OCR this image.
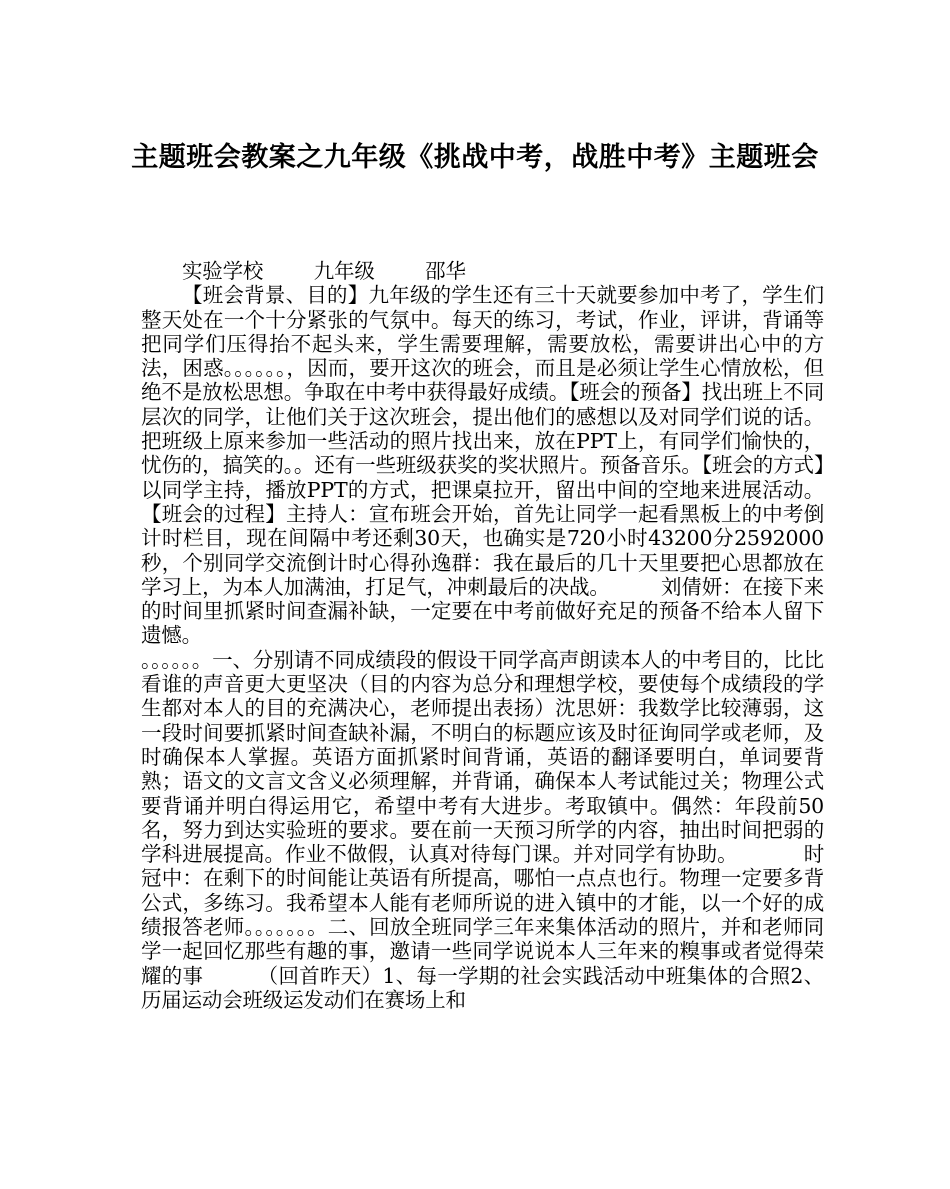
主题班会教案之九年级《挑战中考，战胜中考》主题班会

实验学校        九年级        邵华

【班会背景、目的】九年级的学生还有三十天就要参加中考了，学生们整天处在一个十分紧张的气氛中。每天的练习，考试，作业，评讲，背诵等把同学们压得抬不起头来，学生需要理解，需要放松，需要讲出心中的方法，困惑。。。。。。，因而，要开这次的班会，而且是必须让学生心情放松，但绝不是放松思想。争取在中考中获得最好成绩。【班会的预备】找出班上不同层次的同学，让他们关于这次班会，提出他们的感想以及对同学们说的话。把班级上原来参加一些活动的照片找出来，放在PPT上，有同学们愉快的，忧伤的，搞笑的。。还有一些班级获奖的奖状照片。预备音乐。【班会的方式】以同学主持，播放PPT的方式，把课桌拉开，留出中间的空地来进展活动。【班会的过程】主持人：宣布班会开始，首先让同学一起看黑板上的中考倒计时栏目，现在间隔中考还剩30天，也确实是720小时43200分2592000秒，个别同学交流倒计时心得孙逸群：我在最后的几十天里要把心思都放在学习上，为本人加满油，打足气，冲刺最后的决战。        刘倩妍：在接下来的时间里抓紧时间查漏补缺，一定要在中考前做好充足的预备不给本人留下遗憾。

。。。。。。一、分别请不同成绩段的假设干同学高声朗读本人的中考目的，比比看谁的声音更大更坚决（目的内容为总分和理想学校，要使每个成绩段的学生都对本人的目的充满决心，老师提出表扬）沈思妍：我数学比较薄弱，这一段时间要抓紧时间查缺补漏，不明白的标题应该及时征询同学或老师，及时确保本人掌握。英语方面抓紧时间背诵，英语的翻译要明白，单词要背熟；语文的文言文含义必须理解，并背诵，确保本人考试能过关；物理公式要背诵并明白得运用它，希望中考有大进步。考取镇中。偶然：年段前50名，努力到达实验班的要求。要在前一天预习所学的内容，抽出时间把弱的学科进展提高。作业不做假，认真对待每门课。并对同学有协助。          时冠中：在剩下的时间能让英语有所提高，哪怕一点点也行。物理一定要多背公式，多练习。我希望本人能有老师所说的进入镇中的才能，以一个好的成绩报答老师。。。。。。。二、回放全班同学三年来集体活动的照片，并和老师同学一起回忆那些有趣的事，邀请一些同学说说本人三年来的糗事或者觉得荣耀的事        （回首昨天）1、每一学期的社会实践活动中班集体的合照2、历届运动会班级运发动们在赛场上和
